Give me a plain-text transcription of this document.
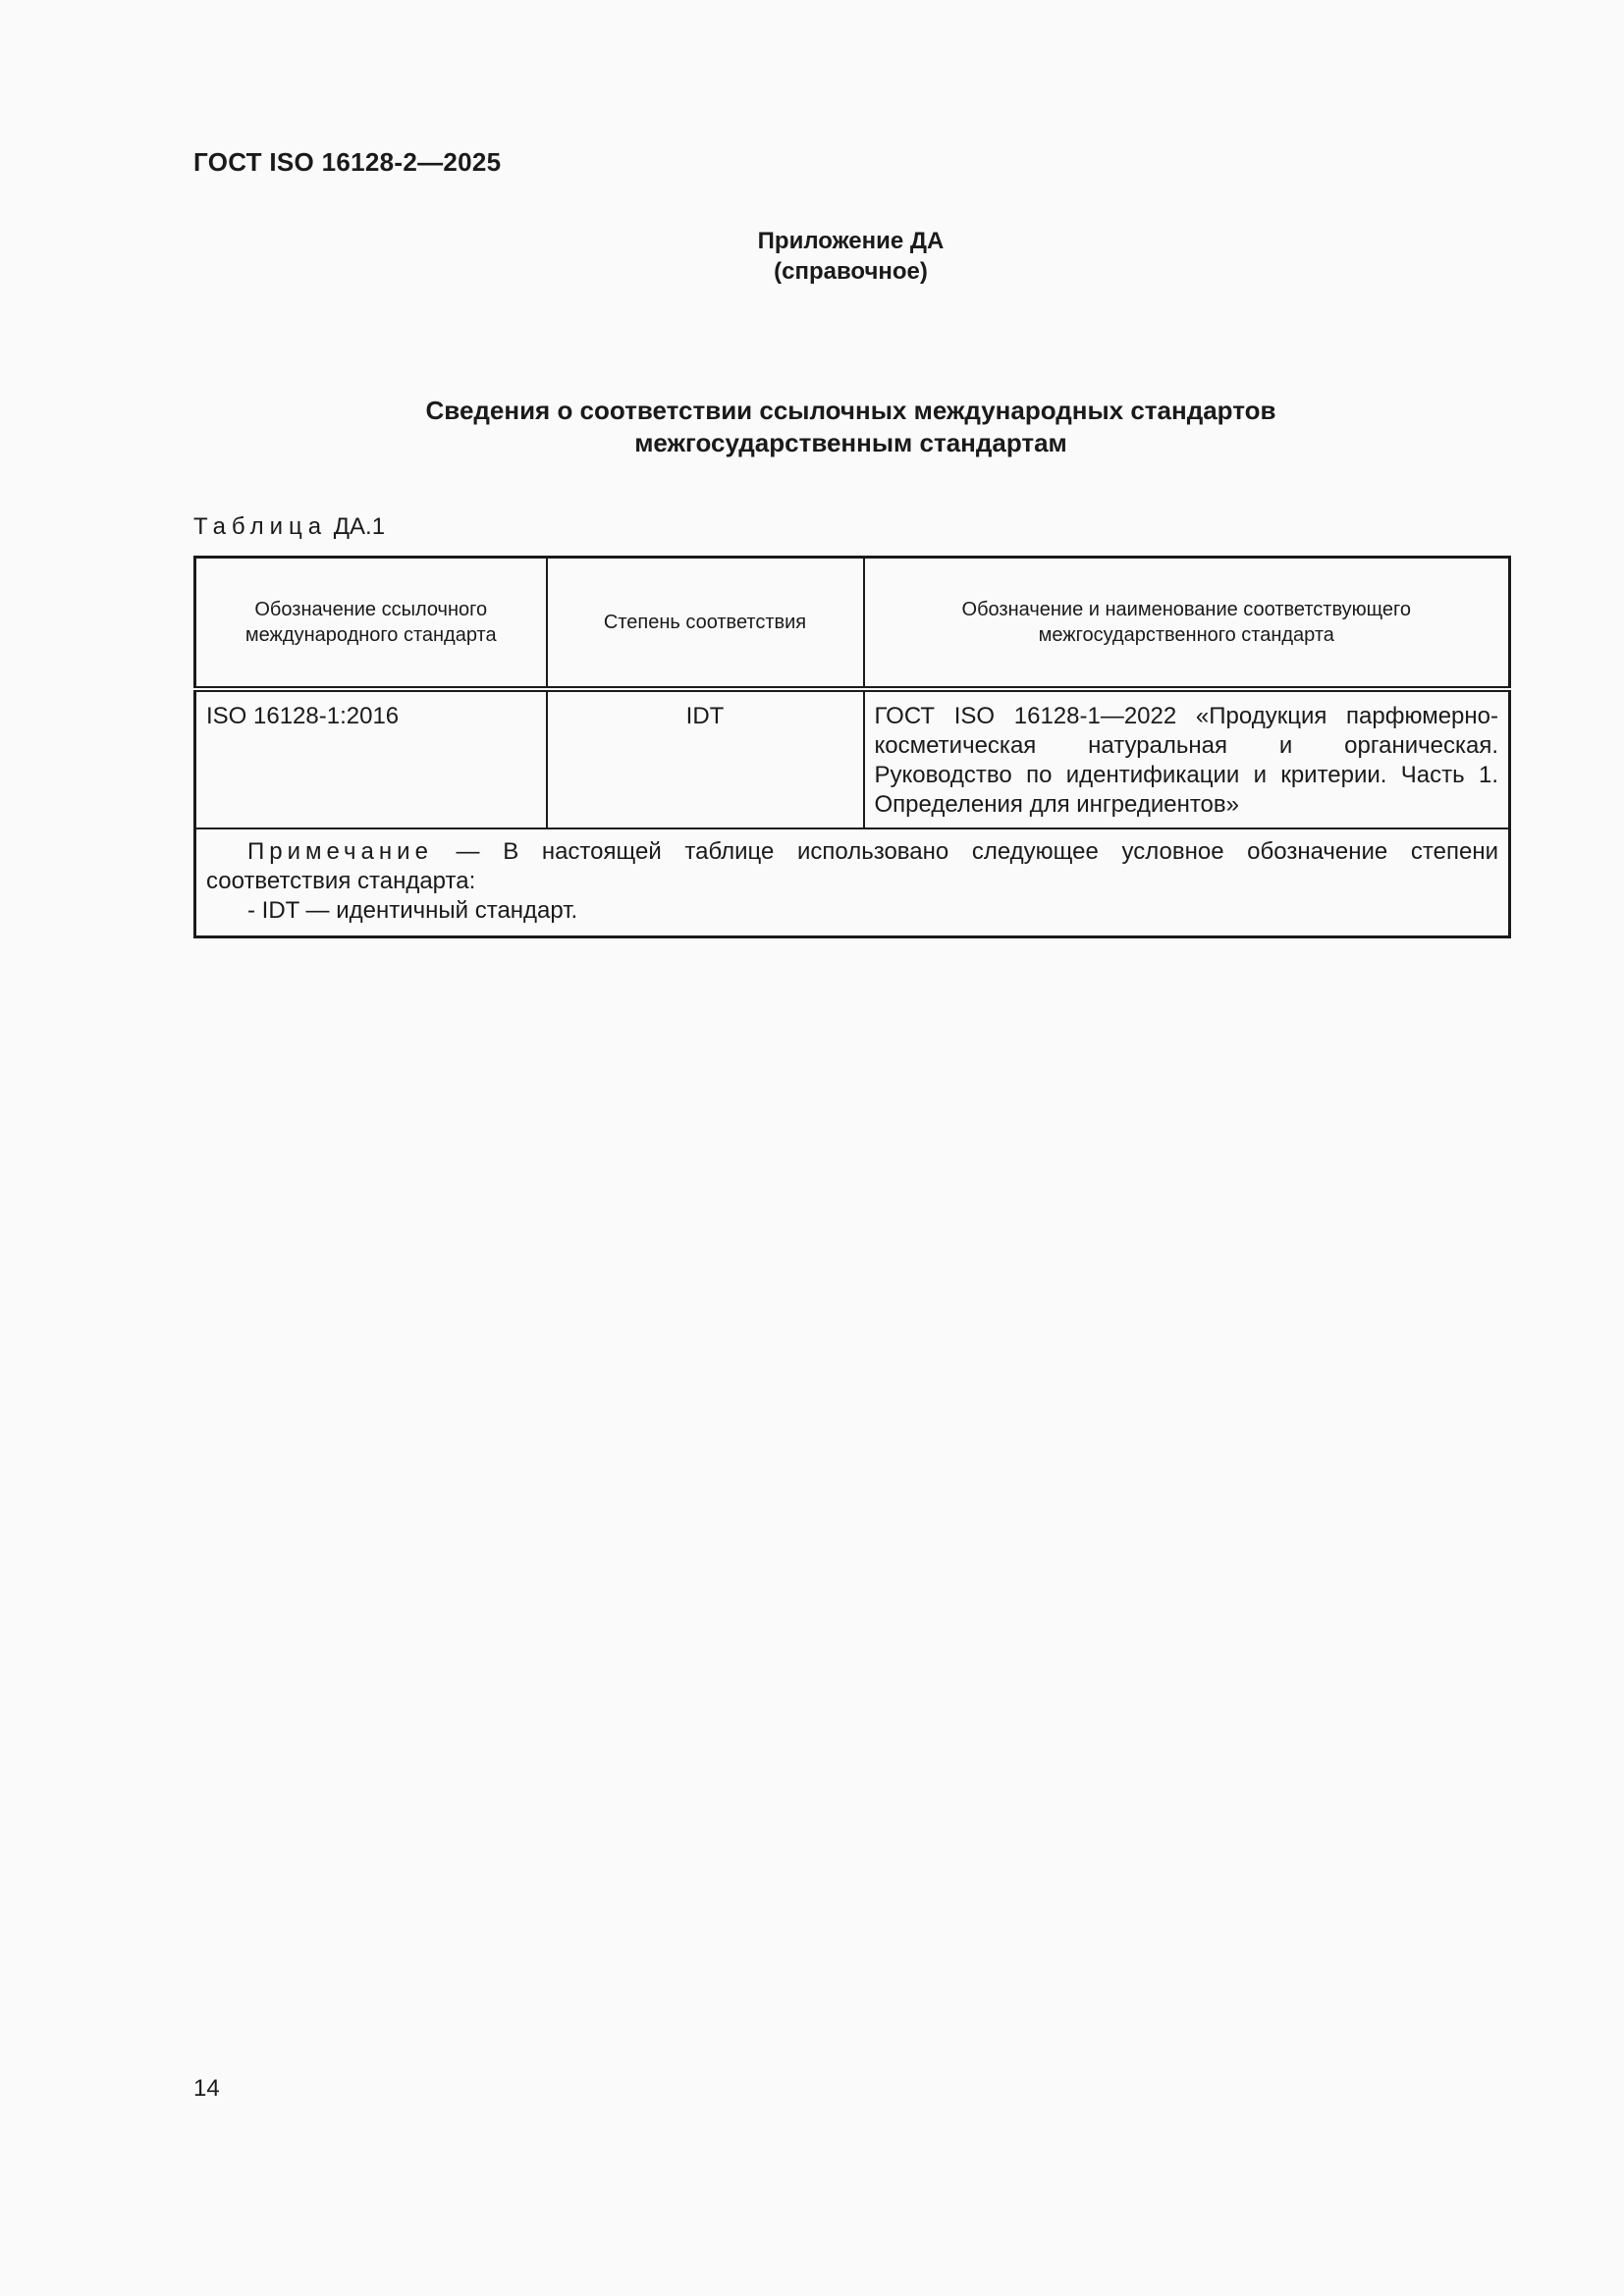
ГОСТ ISO 16128-2—2025
Приложение ДА
(справочное)
Сведения о соответствии ссылочных международных стандартов
межгосударственным стандартам
Таблица ДА.1
Обозначение ссылочного международного стандарта	Степень соответствия	Обозначение и наименование соответствующего межгосударственного стандарта
ISO 16128-1:2016	IDT	ГОСТ ISO 16128-1—2022 «Продукция парфюмерно-косметическая натуральная и органическая. Руководство по идентификации и критерии. Часть 1. Определения для ингредиентов»

Примечание — В настоящей таблице использовано следующее условное обозначение степени соответствия стандарта:
- IDT — идентичный стандарт.		
14
